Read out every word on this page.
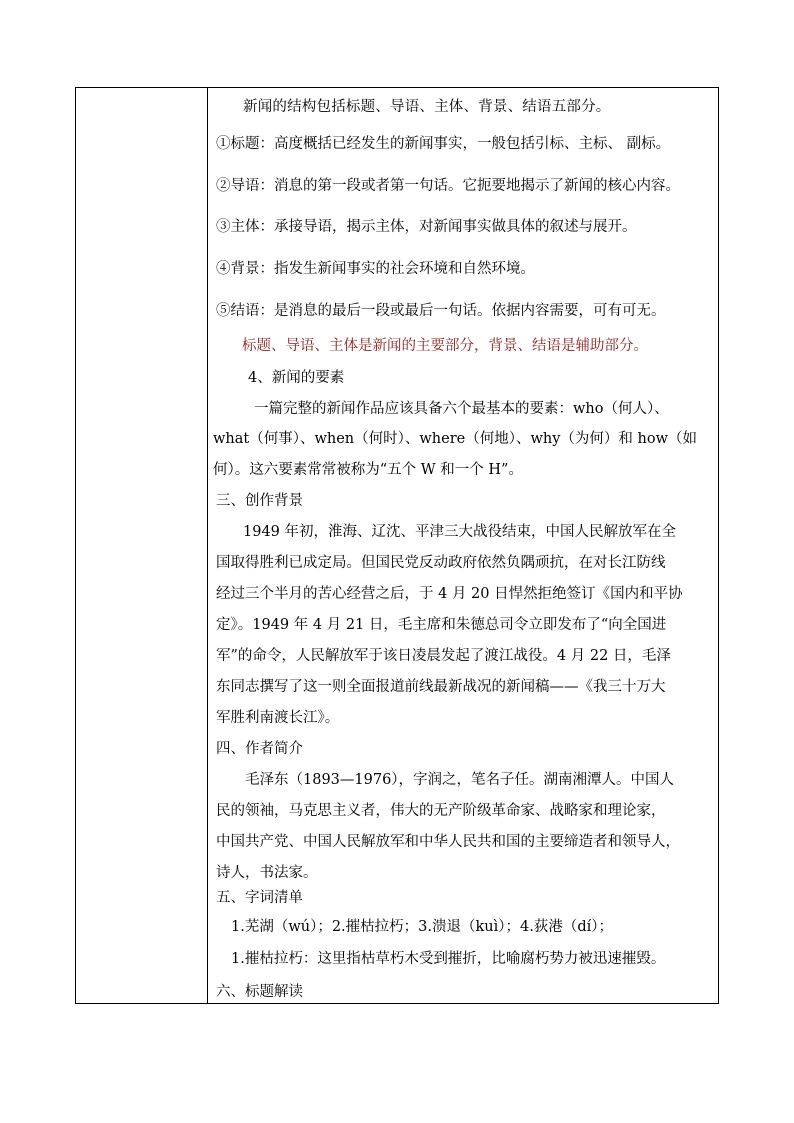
新闻的结构包括标题、导语、主体、背景、结语五部分。
①标题：高度概括已经发生的新闻事实，一般包括引标、主标、 副标。
②导语：消息的第一段或者第一句话。它扼要地揭示了新闻的核心内容。
③主体：承接导语，揭示主体，对新闻事实做具体的叙述与展开。
④背景：指发生新闻事实的社会环境和自然环境。
⑤结语：是消息的最后一段或最后一句话。依据内容需要，可有可无。
标题、导语、主体是新闻的主要部分，背景、结语是辅助部分。
4、新闻的要素
一篇完整的新闻作品应该具备六个最基本的要素：who（何人）、
what（何事）、when（何时）、where（何地）、why（为何）和 how（如
何）。这六要素常常被称为“五个 W 和一个 H”。
三、创作背景
1949 年初，淮海、辽沈、平津三大战役结束，中国人民解放军在全
国取得胜利已成定局。但国民党反动政府依然负隅顽抗，在对长江防线
经过三个半月的苦心经营之后，于 4 月 20 日悍然拒绝签订《国内和平协
定》。1949 年 4 月 21 日，毛主席和朱德总司令立即发布了“向全国进
军”的命令，人民解放军于该日凌晨发起了渡江战役。4 月 22 日，毛泽
东同志撰写了这一则全面报道前线最新战况的新闻稿——《我三十万大
军胜利南渡长江》。
四、作者简介
毛泽东（1893—1976），字润之，笔名子任。湖南湘潭人。中国人
民的领袖，马克思主义者，伟大的无产阶级革命家、战略家和理论家，
中国共产党、中国人民解放军和中华人民共和国的主要缔造者和领导人，
诗人，书法家。
五、字词清单
1.芜湖（wú）；2.摧枯拉朽；3.溃退（kuì）；4.荻港（dí）；
1.摧枯拉朽：这里指枯草朽木受到摧折，比喻腐朽势力被迅速摧毁。
六、标题解读
